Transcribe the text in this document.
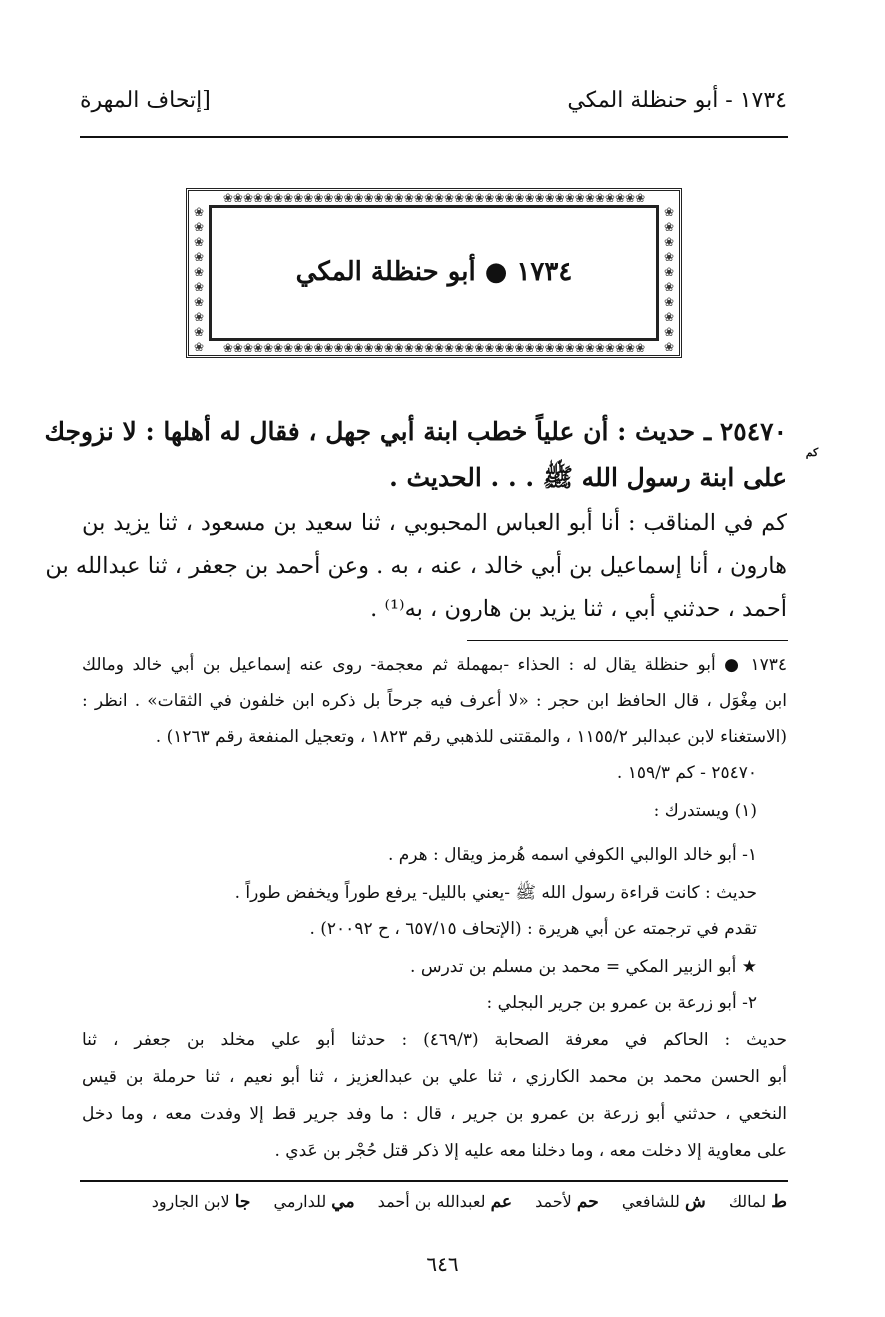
١٧٣٤ - أبو حنظلة المكي
[إتحاف المهرة
❀❀❀❀❀❀❀❀❀❀❀❀❀❀❀❀❀❀❀❀❀❀❀❀❀❀❀❀❀❀❀❀❀❀❀❀❀❀❀❀❀❀
❀❀❀❀❀❀❀❀❀❀❀❀❀❀❀❀❀❀❀❀❀❀❀❀❀❀❀❀❀❀❀❀❀❀❀❀❀❀❀❀❀❀
❀
❀
❀
❀
❀
❀
❀
❀
❀
❀
❀
❀
❀
❀
❀
❀
❀
❀
❀
❀
١٧٣٤ ● أبو حنظلة المكي
٢٥٤٧٠ ـ حديث : أن علياً خطب ابنة أبي جهل ، فقال له أهلها : لا نزوجك
كم
على ابنة رسول الله ﷺ . . . الحديث .
كم في المناقب : أنا أبو العباس المحبوبي ، ثنا سعيد بن مسعود ، ثنا يزيد بن
هارون ، أنا إسماعيل بن أبي خالد ، عنه ، به . وعن أحمد بن جعفر ، ثنا عبدالله بن
أحمد ، حدثني أبي ، ثنا يزيد بن هارون ، به⁽¹⁾ .
١٧٣٤ ● أبو حنظلة يقال له : الحذاء -بمهملة ثم معجمة- روى عنه إسماعيل بن أبي خالد ومالك
ابن مِغْوَل ، قال الحافظ ابن حجر : «لا أعرف فيه جرحاً بل ذكره ابن خلفون في الثقات» . انظر :
(الاستغناء لابن عبدالبر ١١٥٥/٢ ، والمقتنى للذهبي رقم ١٨٢٣ ، وتعجيل المنفعة رقم ١٢٦٣) .
٢٥٤٧٠ - كم ١٥٩/٣ .
(١) ويستدرك :
١- أبو خالد الوالبي الكوفي اسمه هُرمز ويقال : هرم .
حديث : كانت قراءة رسول الله ﷺ -يعني بالليل- يرفع طوراً ويخفض طوراً .
تقدم في ترجمته عن أبي هريرة : (الإتحاف ٦٥٧/١٥ ، ح ٢٠٠٩٢) .
★ أبو الزبير المكي = محمد بن مسلم بن تدرس .
٢- أبو زرعة بن عمرو بن جرير البجلي :
حديث : الحاكم في معرفة الصحابة (٤٦٩/٣) : حدثنا أبو علي مخلد بن جعفر ، ثنا
أبو الحسن محمد بن محمد الكارزي ، ثنا علي بن عبدالعزيز ، ثنا أبو نعيم ، ثنا حرملة بن قيس
النخعي ، حدثني أبو زرعة بن عمرو بن جرير ، قال : ما وفد جرير قط إلا وفدت معه ، وما دخل
على معاوية إلا دخلت معه ، وما دخلنا معه عليه إلا ذكر قتل حُجْر بن عَدي .
ط لمالك ش للشافعي حم لأحمد عم لعبدالله بن أحمد مي للدارمي جا لابن الجارود
٦٤٦
